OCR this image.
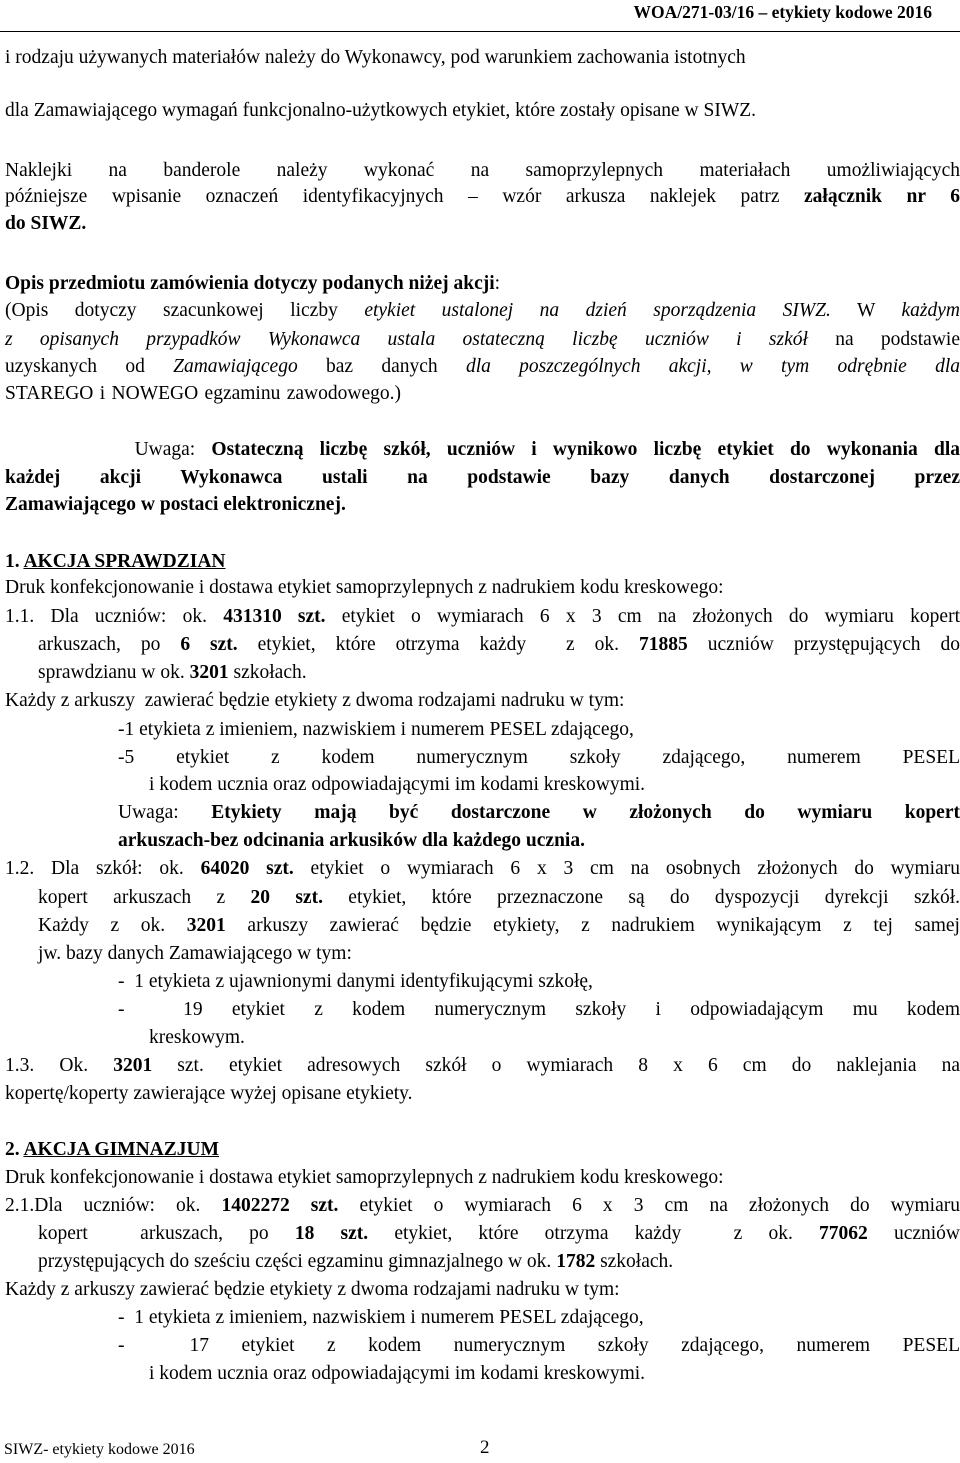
WOA/271-03/16 – etykiety kodowe 2016
i rodzaju używanych materiałów należy do Wykonawcy, pod warunkiem zachowania istotnych
dla Zamawiającego wymagań funkcjonalno-użytkowych etykiet, które zostały opisane w SIWZ.
Naklejki na banderole należy wykonać na samoprzylepnych materiałach umożliwiających
późniejsze wpisanie oznaczeń identyfikacyjnych – wzór arkusza naklejek patrz załącznik nr 6
do SIWZ.
Opis przedmiotu zamówienia dotyczy podanych niżej akcji:
(Opis dotyczy szacunkowej liczby etykiet ustalonej na dzień sporządzenia SIWZ. W każdym
z opisanych przypadków Wykonawca ustala ostateczną liczbę uczniów i szkół na podstawie
uzyskanych od Zamawiającego baz danych dla poszczególnych akcji, w tym odrębnie dla
STAREGO i NOWEGO egzaminu zawodowego.)
Uwaga: Ostateczną liczbę szkół, uczniów i wynikowo liczbę etykiet do wykonania dla
każdej akcji Wykonawca ustali na podstawie bazy danych dostarczonej przez
Zamawiającego w postaci elektronicznej.
1. AKCJA SPRAWDZIAN
Druk konfekcjonowanie i dostawa etykiet samoprzylepnych z nadrukiem kodu kreskowego:
1.1. Dla uczniów: ok. 431310 szt. etykiet o wymiarach 6 x 3 cm na złożonych do wymiaru kopert
arkuszach, po 6 szt. etykiet, które otrzyma każdy  z ok. 71885 uczniów przystępujących do
sprawdzianu w ok. 3201 szkołach.
Każdy z arkuszy  zawierać będzie etykiety z dwoma rodzajami nadruku w tym:
-1 etykieta z imieniem, nazwiskiem i numerem PESEL zdającego,
-5 etykiet z kodem numerycznym szkoły zdającego, numerem PESEL
i kodem ucznia oraz odpowiadającymi im kodami kreskowymi.
Uwaga: Etykiety mają być dostarczone w złożonych do wymiaru kopert
arkuszach-bez odcinania arkusików dla każdego ucznia.
1.2. Dla szkół: ok. 64020 szt. etykiet o wymiarach 6 x 3 cm na osobnych złożonych do wymiaru
kopert arkuszach z 20 szt. etykiet, które przeznaczone są do dyspozycji dyrekcji szkół.
Każdy z ok. 3201 arkuszy zawierać będzie etykiety, z nadrukiem wynikającym z tej samej
jw. bazy danych Zamawiającego w tym:
-  1 etykieta z ujawnionymi danymi identyfikującymi szkołę,
-  19 etykiet z kodem numerycznym szkoły i odpowiadającym mu kodem
kreskowym.
1.3. Ok. 3201 szt. etykiet adresowych szkół o wymiarach 8 x 6 cm do naklejania na
kopertę/koperty zawierające wyżej opisane etykiety.
2. AKCJA GIMNAZJUM
Druk konfekcjonowanie i dostawa etykiet samoprzylepnych z nadrukiem kodu kreskowego:
2.1.Dla uczniów: ok. 1402272 szt. etykiet o wymiarach 6 x 3 cm na złożonych do wymiaru
kopert  arkuszach, po 18 szt. etykiet, które otrzyma każdy  z ok. 77062 uczniów
przystępujących do sześciu części egzaminu gimnazjalnego w ok. 1782 szkołach.
Każdy z arkuszy zawierać będzie etykiety z dwoma rodzajami nadruku w tym:
-  1 etykieta z imieniem, nazwiskiem i numerem PESEL zdającego,
-  17 etykiet z kodem numerycznym szkoły zdającego, numerem PESEL
i kodem ucznia oraz odpowiadającymi im kodami kreskowymi.
SIWZ- etykiety kodowe 2016	2
